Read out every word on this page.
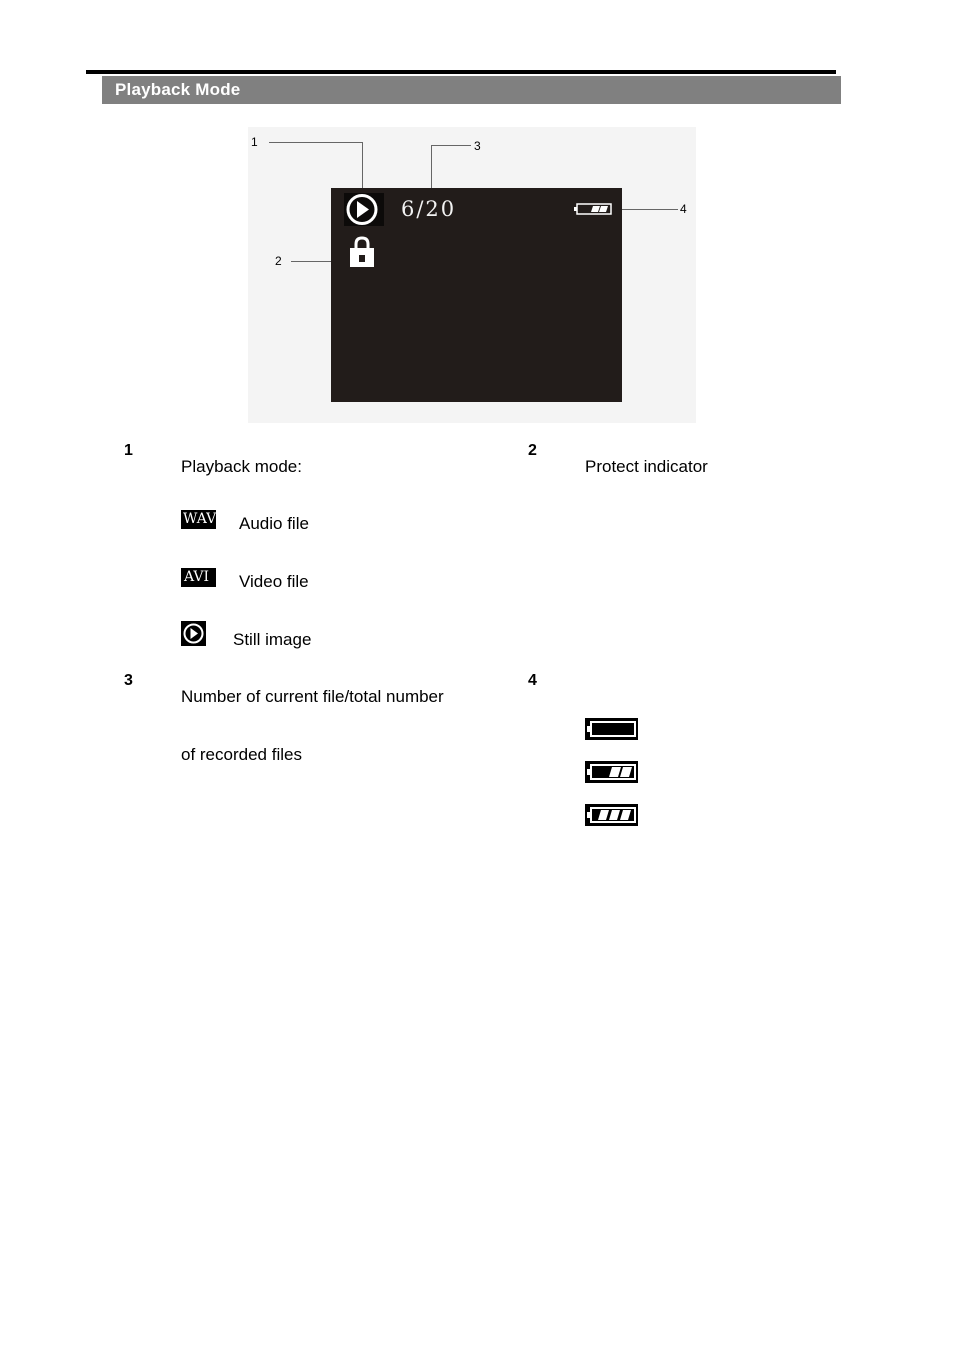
Playback Mode
1	3
2
4
6/20
1
Playback mode:
WAV Audio file
AVI Video file
Still image
2
Protect indicator
3
Number of current file/total number
of recorded files
4
